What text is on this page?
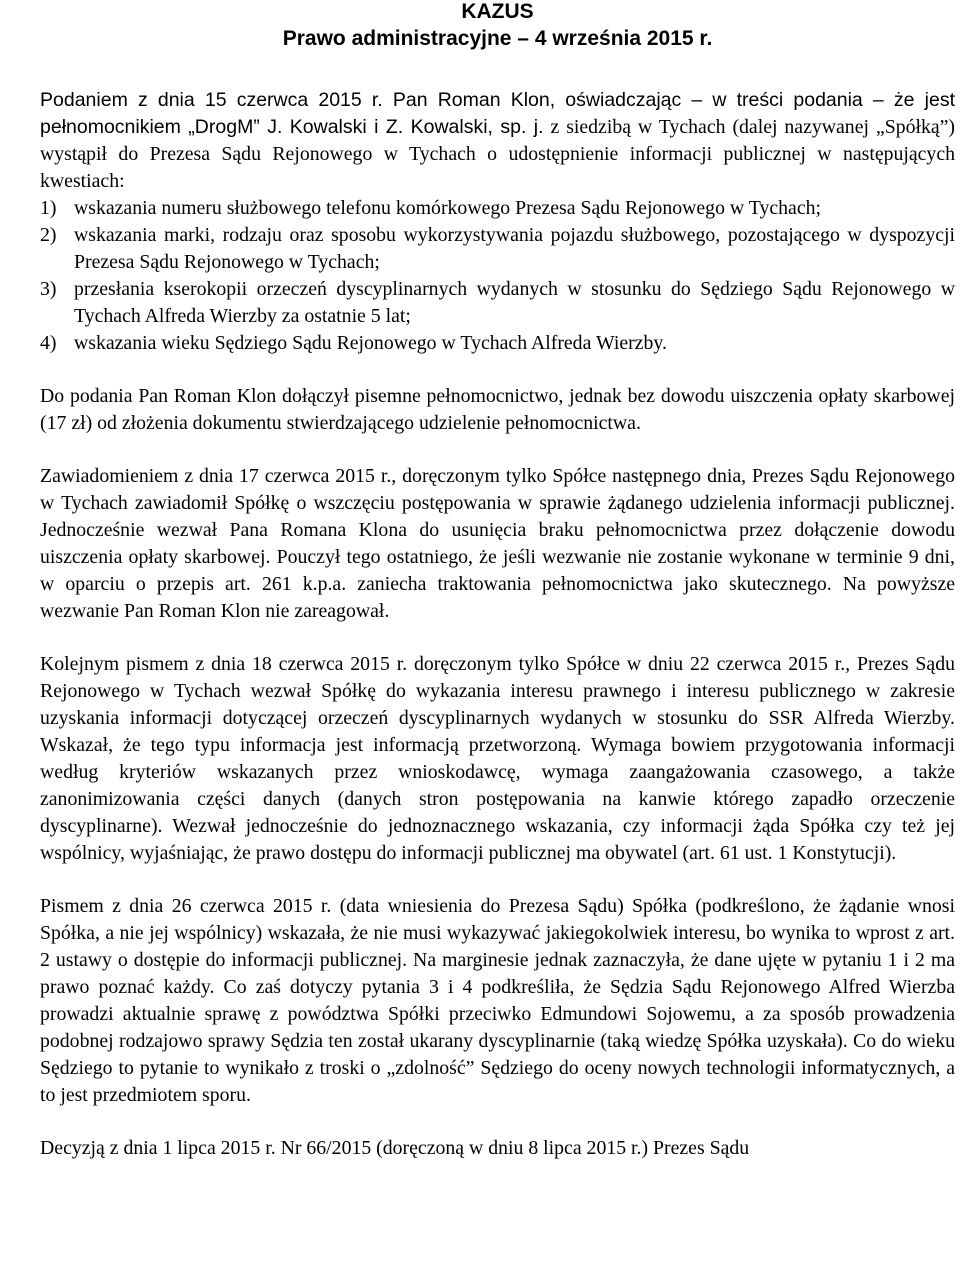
KAZUS

Prawo administracyjne – 4 września 2015 r.

Podaniem z dnia 15 czerwca 2015 r. Pan Roman Klon, oświadczając – w treści podania – że jest

pełnomocnikiem „DrogM” J. Kowalski i Z. Kowalski, sp. j. z siedzibą w Tychach (dalej nazywanej „Spółką”) wystąpił do Prezesa Sądu Rejonowego w Tychach o udostępnienie informacji publicznej w następujących kwestiach:

1) wskazania numeru służbowego telefonu komórkowego Prezesa Sądu Rejonowego w Tychach;
2) wskazania marki, rodzaju oraz sposobu wykorzystywania pojazdu służbowego, pozostającego w dyspozycji Prezesa Sądu Rejonowego w Tychach;
3) przesłania kserokopii orzeczeń dyscyplinarnych wydanych w stosunku do Sędziego Sądu Rejonowego w Tychach Alfreda Wierzby za ostatnie 5 lat;
4) wskazania wieku Sędziego Sądu Rejonowego w Tychach Alfreda Wierzby.

Do podania Pan Roman Klon dołączył pisemne pełnomocnictwo, jednak bez dowodu uiszczenia opłaty skarbowej (17 zł) od złożenia dokumentu stwierdzającego udzielenie pełnomocnictwa.

Zawiadomieniem z dnia 17 czerwca 2015 r., doręczonym tylko Spółce następnego dnia, Prezes Sądu Rejonowego w Tychach zawiadomił Spółkę o wszczęciu postępowania w sprawie żądanego udzielenia informacji publicznej. Jednocześnie wezwał Pana Romana Klona do usunięcia braku pełnomocnictwa przez dołączenie dowodu uiszczenia opłaty skarbowej. Pouczył tego ostatniego, że jeśli wezwanie nie zostanie wykonane w terminie 9 dni, w oparciu o przepis art. 261 k.p.a. zaniecha traktowania pełnomocnictwa jako skutecznego. Na powyższe wezwanie Pan Roman Klon nie zareagował.

Kolejnym pismem z dnia 18 czerwca 2015 r. doręczonym tylko Spółce w dniu 22 czerwca 2015 r., Prezes Sądu Rejonowego w Tychach wezwał Spółkę do wykazania interesu prawnego i interesu publicznego w zakresie uzyskania informacji dotyczącej orzeczeń dyscyplinarnych wydanych w stosunku do SSR Alfreda Wierzby. Wskazał, że tego typu informacja jest informacją przetworzoną. Wymaga bowiem przygotowania informacji według kryteriów wskazanych przez wnioskodawcę, wymaga zaangażowania czasowego, a także zanonimizowania części danych (danych stron postępowania na kanwie którego zapadło orzeczenie dyscyplinarne). Wezwał jednocześnie do jednoznacznego wskazania, czy informacji żąda Spółka czy też jej wspólnicy, wyjaśniając, że prawo dostępu do informacji publicznej ma obywatel (art. 61 ust. 1 Konstytucji).

Pismem z dnia 26 czerwca 2015 r. (data wniesienia do Prezesa Sądu) Spółka (podkreślono, że żądanie wnosi Spółka, a nie jej wspólnicy) wskazała, że nie musi wykazywać jakiegokolwiek interesu, bo wynika to wprost z art. 2 ustawy o dostępie do informacji publicznej. Na marginesie jednak zaznaczyła, że dane ujęte w pytaniu 1 i 2 ma prawo poznać każdy. Co zaś dotyczy pytania 3 i 4 podkreśliła, że Sędzia Sądu Rejonowego Alfred Wierzba prowadzi aktualnie sprawę z powództwa Spółki przeciwko Edmundowi Sojowemu, a za sposób prowadzenia podobnej rodzajowo sprawy Sędzia ten został ukarany dyscyplinarnie (taką wiedzę Spółka uzyskała). Co do wieku Sędziego to pytanie to wynikało z troski o „zdolność” Sędziego do oceny nowych technologii informatycznych, a to jest przedmiotem sporu.

Decyzją z dnia 1 lipca 2015 r. Nr 66/2015 (doręczoną w dniu 8 lipca 2015 r.) Prezes Sądu
